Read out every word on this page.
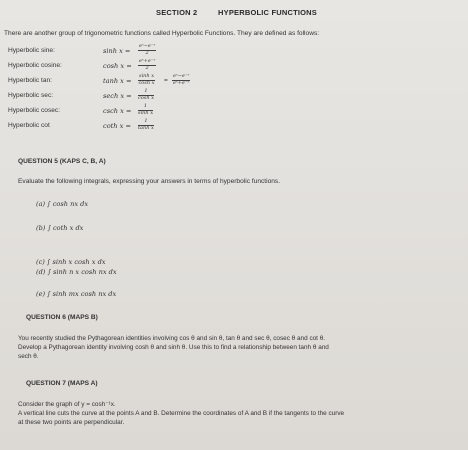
SECTION 2	HYPERBOLIC FUNCTIONS
There are another group of trigonometric functions called Hyperbolic Functions. They are defined as follows:
Hyperbolic sine:	$\sinh x = \frac{\text{eˣ−e⁻ˣ}}{2}$
Hyperbolic cosine:	$\cosh x = \frac{\text{eˣ+e⁻ˣ}}{2}$
Hyperbolic tan:	$\tanh x = \frac{\text{sinh x}}{\text{cosh x}} = \frac{\text{eˣ−e⁻ˣ}}{\text{eˣ+e⁻ˣ}}$
Hyperbolic sec:	sech $x = \frac{1}{\text{cosh x}}$
Hyperbolic cosec:	csch $x = \frac{1}{\text{sinh x}}$
Hyperbolic cot	coth $x = \frac{1}{\text{tanh x}}$
QUESTION 5 (KAPS C, B, A)
Evaluate the following integrals, expressing your answers in terms of hyperbolic functions.
(a) ∫ cosh nx dx
(b) ∫ coth x dx
(c) ∫ sinh x cosh x dx
(d) ∫ sinh n x cosh nx dx
(e) ∫ sinh mx cosh nx dx
QUESTION 6 (MAPS B)
You recently studied the Pythagorean identities involving cos θ and sin θ, tan θ and sec θ, cosec θ and cot θ.
Develop a Pythagorean identity involving cosh θ and sinh θ. Use this to find a relationship between tanh θ and
sech θ.
QUESTION 7 (MAPS A)
Consider the graph of y = cosh⁻¹x.
A vertical line cuts the curve at the points A and B. Determine the coordinates of A and B if the tangents to the curve
at these two points are perpendicular.
